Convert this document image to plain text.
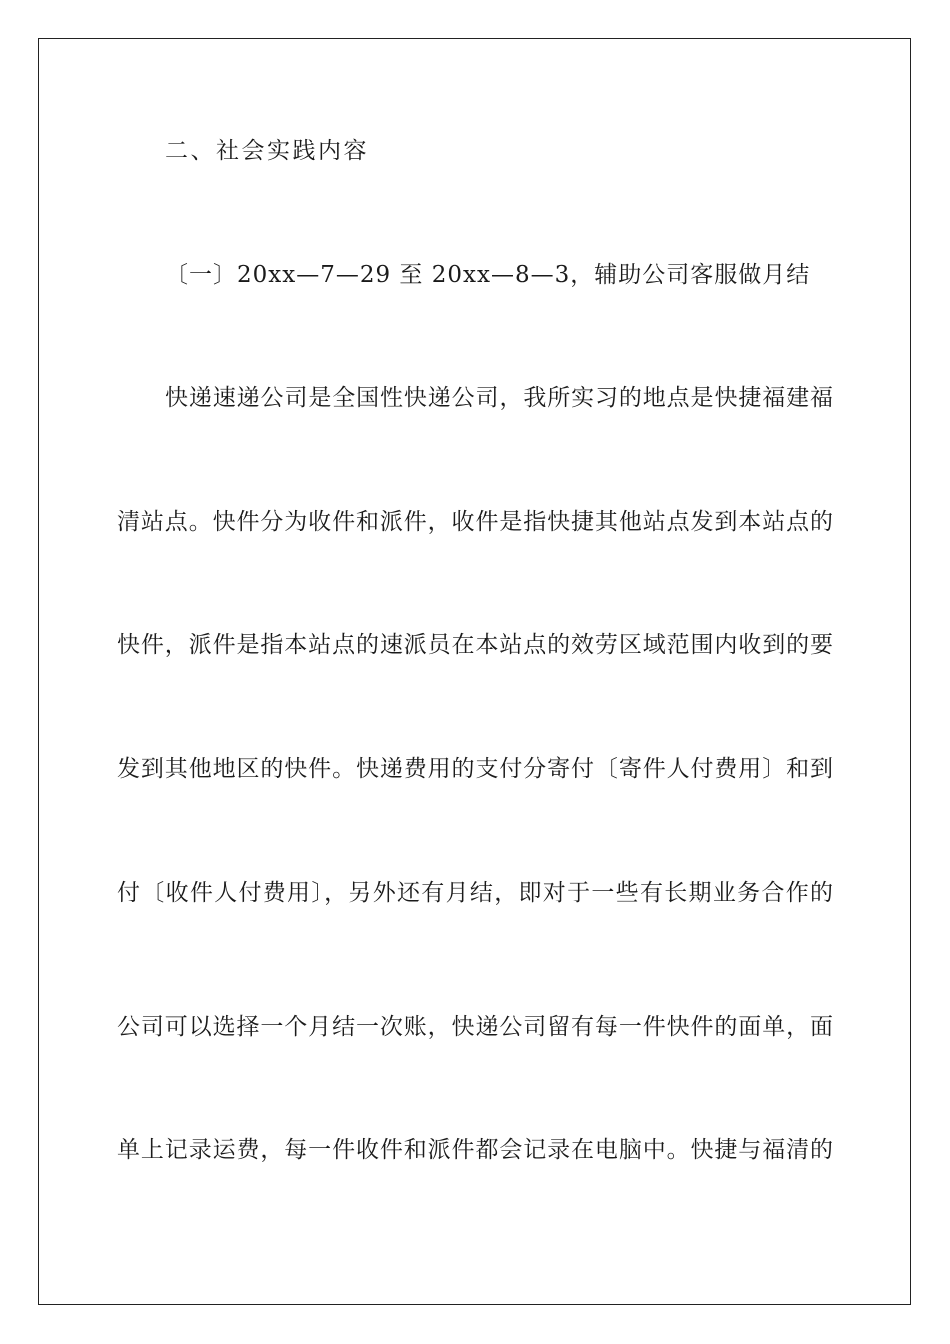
二、社会实践内容
〔一〕20xx—7—29 至 20xx—8—3，辅助公司客服做月结
快递速递公司是全国性快递公司，我所实习的地点是快捷福建福
清站点。快件分为收件和派件，收件是指快捷其他站点发到本站点的
快件，派件是指本站点的速派员在本站点的效劳区域范围内收到的要
发到其他地区的快件。快递费用的支付分寄付〔寄件人付费用〕和到
付〔收件人付费用〕，另外还有月结，即对于一些有长期业务合作的
公司可以选择一个月结一次账，快递公司留有每一件快件的面单，面
单上记录运费，每一件收件和派件都会记录在电脑中。快捷与福清的
